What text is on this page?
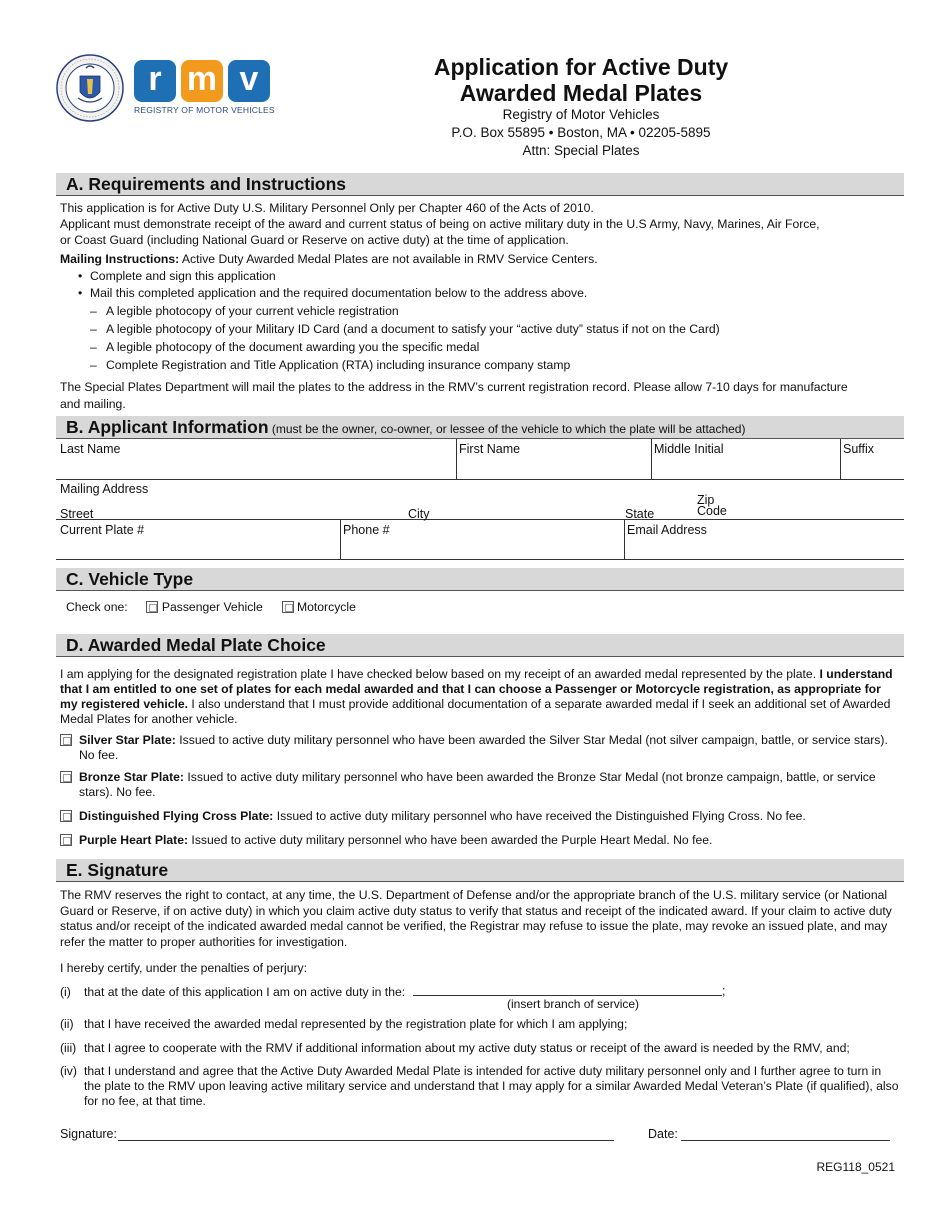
r m v
REGISTRY OF MOTOR VEHICLES
Application for Active Duty
Awarded Medal Plates
Registry of Motor Vehicles
P.O. Box 55895 • Boston, MA • 02205-5895
Attn: Special Plates
A. Requirements and Instructions
This application is for Active Duty U.S. Military Personnel Only per Chapter 460 of the Acts of 2010.
Applicant must demonstrate receipt of the award and current status of being on active military duty in the U.S Army, Navy, Marines, Air Force,
or Coast Guard (including National Guard or Reserve on active duty) at the time of application.
Mailing Instructions: Active Duty Awarded Medal Plates are not available in RMV Service Centers.
• Complete and sign this application
• Mail this completed application and the required documentation below to the address above.
– A legible photocopy of your current vehicle registration
– A legible photocopy of your Military ID Card (and a document to satisfy your “active duty” status if not on the Card)
– A legible photocopy of the document awarding you the specific medal
– Complete Registration and Title Application (RTA) including insurance company stamp
The Special Plates Department will mail the plates to the address in the RMV’s current registration record. Please allow 7-10 days for manufacture
and mailing.
B. Applicant Information (must be the owner, co-owner, or lessee of the vehicle to which the plate will be attached)
Last Name	First Name	Middle Initial	Suffix
Mailing Address
Street	City	State
Zip
Code
Current Plate #	Phone #	Email Address
C. Vehicle Type
Check one:	Passenger Vehicle	Motorcycle
D. Awarded Medal Plate Choice
I am applying for the designated registration plate I have checked below based on my receipt of an awarded medal represented by the plate. I understand that I am entitled to one set of plates for each medal awarded and that I can choose a Passenger or Motorcycle registration, as appropriate for my registered vehicle. I also understand that I must provide additional documentation of a separate awarded medal if I seek an additional set of Awarded Medal Plates for another vehicle.
Silver Star Plate: Issued to active duty military personnel who have been awarded the Silver Star Medal (not silver campaign, battle, or service stars). No fee.
Bronze Star Plate: Issued to active duty military personnel who have been awarded the Bronze Star Medal (not bronze campaign, battle, or service stars). No fee.
Distinguished Flying Cross Plate: Issued to active duty military personnel who have received the Distinguished Flying Cross. No fee.
Purple Heart Plate: Issued to active duty military personnel who have been awarded the Purple Heart Medal. No fee.
E. Signature
The RMV reserves the right to contact, at any time, the U.S. Department of Defense and/or the appropriate branch of the U.S. military service (or National Guard or Reserve, if on active duty) in which you claim active duty status to verify that status and receipt of the indicated award. If your claim to active duty status and/or receipt of the indicated awarded medal cannot be verified, the Registrar may refuse to issue the plate, may revoke an issued plate, and may refer the matter to proper authorities for investigation.
I hereby certify, under the penalties of perjury:
(i) that at the date of this application I am on active duty in the:	;
(insert branch of service)
(ii) that I have received the awarded medal represented by the registration plate for which I am applying;
(iii) that I agree to cooperate with the RMV if additional information about my active duty status or receipt of the award is needed by the RMV, and;
(iv) that I understand and agree that the Active Duty Awarded Medal Plate is intended for active duty military personnel only and I further agree to turn in the plate to the RMV upon leaving active military service and understand that I may apply for a similar Awarded Medal Veteran’s Plate (if qualified), also for no fee, at that time.
Signature:	Date:
REG118_0521
